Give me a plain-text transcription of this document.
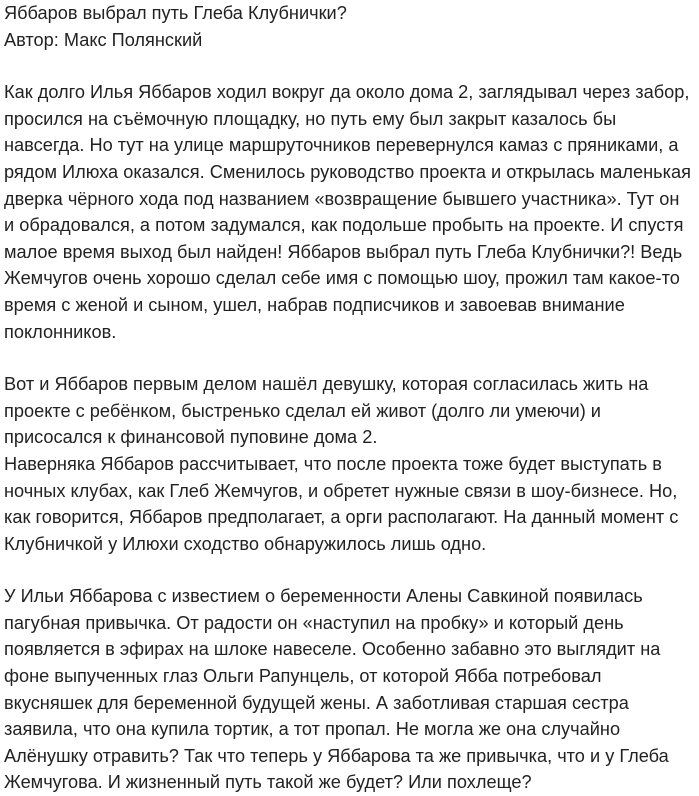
Яббаров выбрал путь Глеба Клубнички?

Автор: Макс Полянский

Как долго Илья Яббаров ходил вокруг да около дома 2, заглядывал через забор, просился на съёмочную площадку, но путь ему был закрыт казалось бы навсегда. Но тут на улице маршруточников перевернулся камаз с пряниками, а рядом Илюха оказался. Сменилось руководство проекта и открылась маленькая дверка чёрного хода под названием «возвращение бывшего участника». Тут он и обрадовался, а потом задумался, как подольше пробыть на проекте. И спустя малое время выход был найден! Яббаров выбрал путь Глеба Клубнички?! Ведь Жемчугов очень хорошо сделал себе имя с помощью шоу, прожил там какое-то время с женой и сыном, ушел, набрав подписчиков и завоевав внимание поклонников.

Вот и Яббаров первым делом нашёл девушку, которая согласилась жить на проекте с ребёнком, быстренько сделал ей живот (долго ли умеючи) и присосался к финансовой пуповине дома 2.

Наверняка Яббаров рассчитывает, что после проекта тоже будет выступать в ночных клубах, как Глеб Жемчугов, и обретет нужные связи в шоу-бизнесе. Но, как говорится, Яббаров предполагает, а орги располагают. На данный момент с Клубничкой у Илюхи сходство обнаружилось лишь одно.

У Ильи Яббарова с известием о беременности Алены Савкиной появилась пагубная привычка. От радости он «наступил на пробку» и который день появляется в эфирах на шлоке навеселе. Особенно забавно это выглядит на фоне выпученных глаз Ольги Рапунцель, от которой Ябба потребовал вкусняшек для беременной будущей жены. А заботливая старшая сестра заявила, что она купила тортик, а тот пропал. Не могла же она случайно Алёнушку отравить? Так что теперь у Яббарова та же привычка, что и у Глеба Жемчугова. И жизненный путь такой же будет? Или похлеще?
